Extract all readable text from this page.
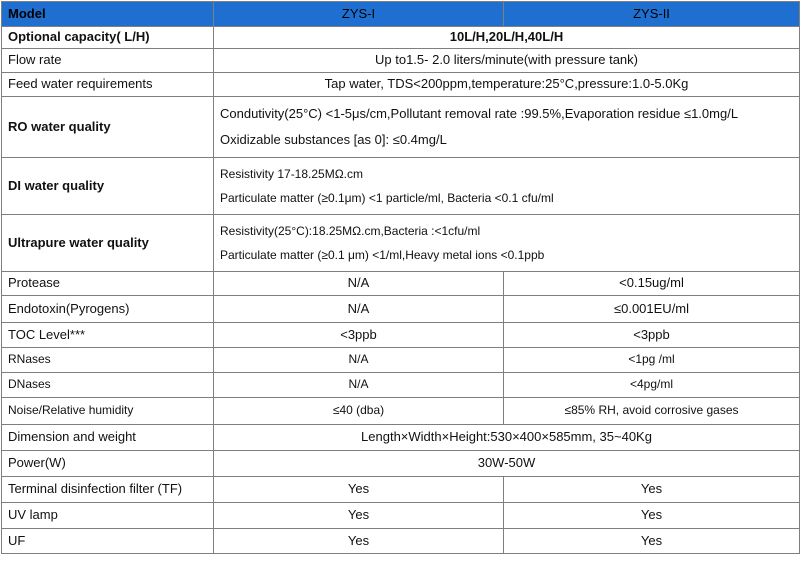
Model	ZYS-I	ZYS-II
Optional capacity( L/H)	10L/H,20L/H,40L/H	
Flow rate	Up to1.5- 2.0 liters/minute(with pressure tank)	
Feed water requirements	Tap water, TDS<200ppm,temperature:25°C,pressure:1.0-5.0Kg	
RO water quality	Condutivity(25°C) <1-5μs/cm,Pollutant removal rate :99.5%,Evaporation residue ≤1.0mg/L
Oxidizable substances [as 0]: ≤0.4mg/L	

DI water quality	Resistivity 17-18.25MΩ.cm
Particulate matter (≥0.1μm) <1 particle/ml, Bacteria <0.1 cfu/ml	

Ultrapure water quality	Resistivity(25°C):18.25MΩ.cm,Bacteria :<1cfu/ml
Particulate matter (≥0.1 μm) <1/ml,Heavy metal ions <0.1ppb	

Protease	N/A	<0.15ug/ml
Endotoxin(Pyrogens)	N/A	≤0.001EU/ml
TOC Level***	<3ppb	<3ppb
RNases	N/A	<1pg /ml
DNases	N/A	<4pg/ml
Noise/Relative humidity	≤40 (dba)	≤85% RH, avoid corrosive gases
Dimension and weight	Length×Width×Height:530×400×585mm, 35~40Kg	
Power(W)	30W-50W	
Terminal disinfection filter (TF)	Yes	Yes
UV lamp	Yes	Yes
UF	Yes	Yes
